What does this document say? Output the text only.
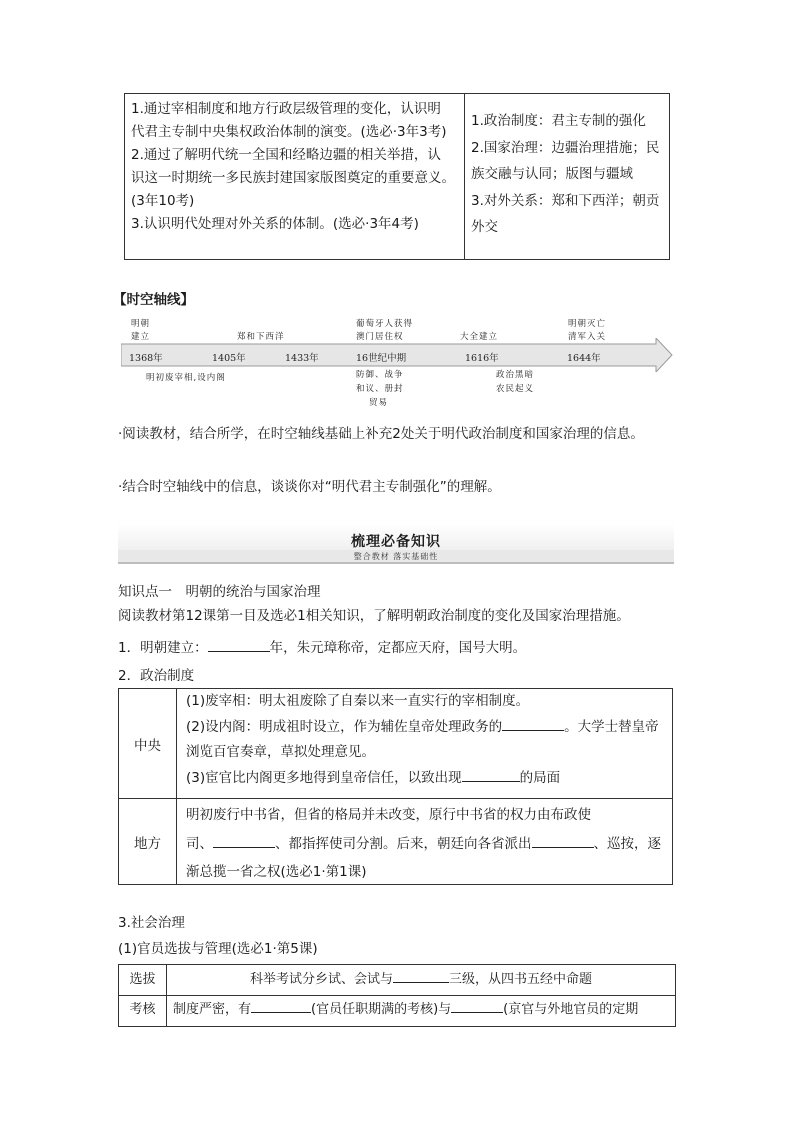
1.通过宰相制度和地方行政层级管理的变化，认识明
代君主专制中央集权政治体制的演变。(选必·3年3考)
2.通过了解明代统一全国和经略边疆的相关举措，认
识这一时期统一多民族封建国家版图奠定的重要意义。
(3年10考)
3.认识明代处理对外关系的体制。(选必·3年4考)
1.政治制度：君主专制的强化
2.国家治理：边疆治理措施；民
族交融与认同；版图与疆域
3.对外关系：郑和下西洋；朝贡
外交
【时空轴线】
明朝
建立	郑和下西洋
葡萄牙人获得
澳门居住权	大全建立
明朝灭亡
清军入关
1368年	1405年	1433年	16世纪中期	1616年	1644年
明初废宰相,设内阁	防御、战争
和议、册封
贸易
政治黑暗
农民起义
·阅读教材，结合所学，在时空轴线基础上补充2处关于明代政治制度和国家治理的信息。
·结合时空轴线中的信息，谈谈你对“明代君主专制强化”的理解。
梳理必备知识
整合教材 落实基础性
知识点一　明朝的统治与国家治理
阅读教材第12课第一目及选必1相关知识，了解明朝政治制度的变化及国家治理措施。
1．明朝建立：	年，朱元璋称帝，定都应天府，国号大明。
2．政治制度
中央
(1)废宰相：明太祖废除了自秦以来一直实行的宰相制度。
(2)设内阁：明成祖时设立，作为辅佐皇帝处理政务的	。大学士替皇帝
浏览百官奏章，草拟处理意见。
(3)宦官比内阁更多地得到皇帝信任，以致出现	的局面
地方
明初废行中书省，但省的格局并未改变，原行中书省的权力由布政使
司、	、都指挥使司分割。后来，朝廷向各省派出	、巡按，逐
渐总揽一省之权(选必1·第1课)
3.社会治理
(1)官员选拔与管理(选必1·第5课)
选拔	科举考试分乡试、会试与	三级，从四书五经中命题
考核	制度严密，有	(官员任职期满的考核)与	(京官与外地官员的定期
